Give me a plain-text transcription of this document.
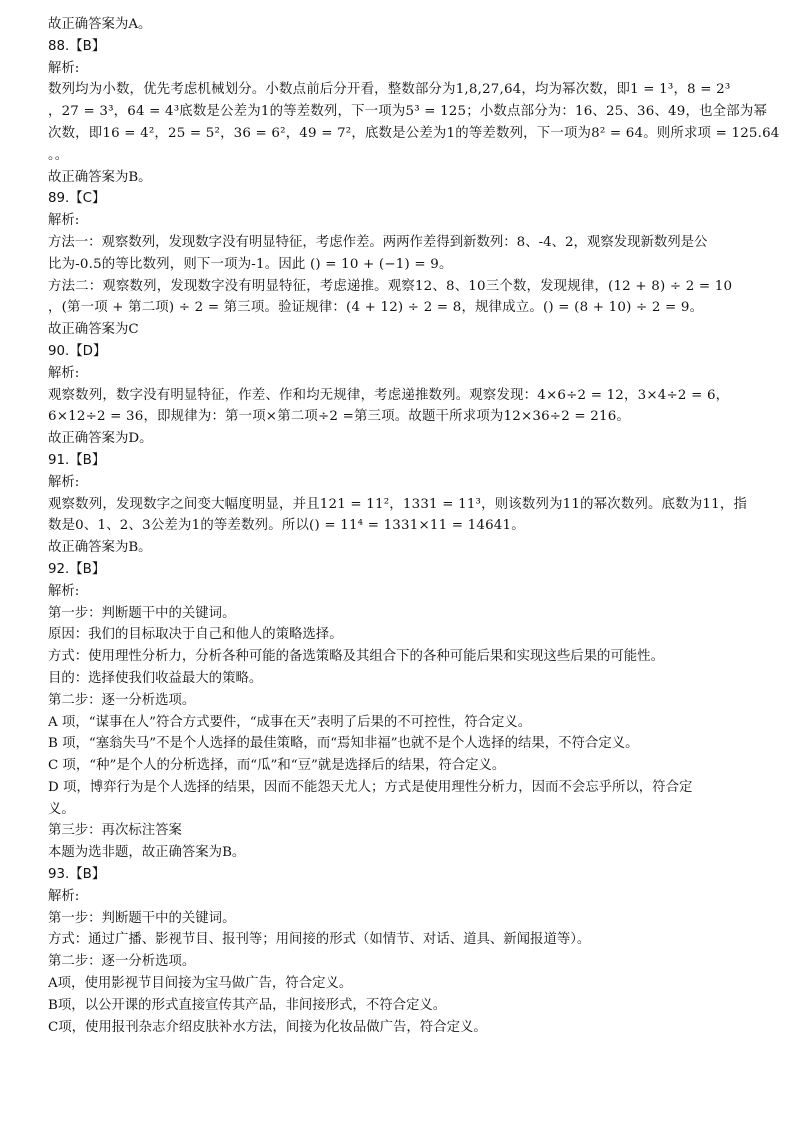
故正确答案为A。
88.【B】
解析:
数列均为小数，优先考虑机械划分。小数点前后分开看，整数部分为1,8,27,64，均为幂次数，即1 = 1³，8 = 2³
，27 = 3³，64 = 4³底数是公差为1的等差数列，下一项为5³ = 125；小数点部分为：16、25、36、49，也全部为幂
次数，即16 = 4²，25 = 5²，36 = 6²，49 = 7²，底数是公差为1的等差数列，下一项为8² = 64。则所求项 = 125.64
。。
故正确答案为B。
89.【C】
解析:
方法一：观察数列，发现数字没有明显特征，考虑作差。两两作差得到新数列：8、-4、2，观察发现新数列是公
比为-0.5的等比数列，则下一项为-1。因此 () = 10 + (−1) = 9。
方法二：观察数列，发现数字没有明显特征，考虑递推。观察12、8、10三个数，发现规律，(12 + 8) ÷ 2 = 10
，(第一项 + 第二项) ÷ 2 = 第三项。验证规律：(4 + 12) ÷ 2 = 8，规律成立。() = (8 + 10) ÷ 2 = 9。
故正确答案为C
90.【D】
解析:
观察数列，数字没有明显特征，作差、作和均无规律，考虑递推数列。观察发现：4×6÷2 = 12，3×4÷2 = 6，
6×12÷2 = 36，即规律为：第一项×第二项÷2 =第三项。故题干所求项为12×36÷2 = 216。
故正确答案为D。
91.【B】
解析:
观察数列，发现数字之间变大幅度明显，并且121 = 11²，1331 = 11³，则该数列为11的幂次数列。底数为11，指
数是0、1、2、3公差为1的等差数列。所以() = 11⁴ = 1331×11 = 14641。
故正确答案为B。
92.【B】
解析:
第一步：判断题干中的关键词。
原因：我们的目标取决于自己和他人的策略选择。
方式：使用理性分析力，分析各种可能的备选策略及其组合下的各种可能后果和实现这些后果的可能性。
目的：选择使我们收益最大的策略。
第二步：逐一分析选项。
A 项，“谋事在人”符合方式要件，“成事在天”表明了后果的不可控性，符合定义。
B 项，“塞翁失马”不是个人选择的最佳策略，而“焉知非福”也就不是个人选择的结果，不符合定义。
C 项，“种”是个人的分析选择，而“瓜”和“豆”就是选择后的结果，符合定义。
D 项，博弈行为是个人选择的结果，因而不能怨天尤人；方式是使用理性分析力，因而不会忘乎所以，符合定
义。
第三步：再次标注答案
本题为选非题，故正确答案为B。
93.【B】
解析:
第一步：判断题干中的关键词。
方式：通过广播、影视节目、报刊等；用间接的形式（如情节、对话、道具、新闻报道等）。
第二步：逐一分析选项。
A项，使用影视节目间接为宝马做广告，符合定义。
B项，以公开课的形式直接宣传其产品，非间接形式，不符合定义。
C项，使用报刊杂志介绍皮肤补水方法，间接为化妆品做广告，符合定义。
